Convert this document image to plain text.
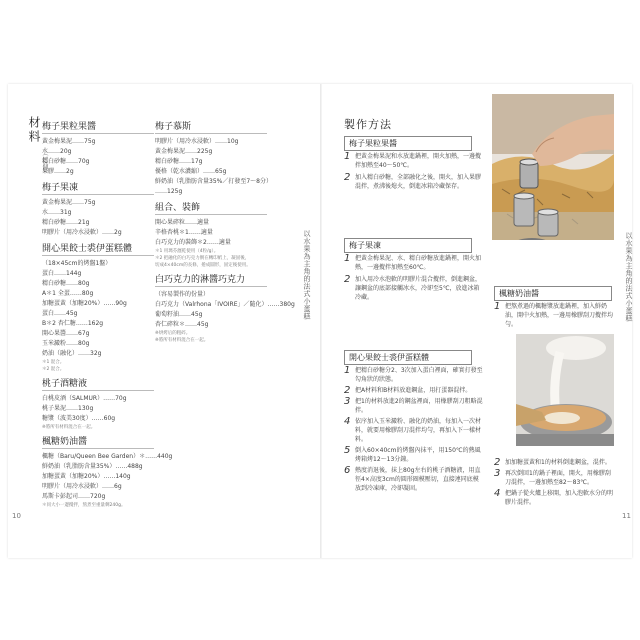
材料
（12個）
以水果為主角的法式小蛋糕
10
梅子果粒果醬
黃金梅果泥……75g
水……20g
精白砂糖……70g
果膠……2g
梅子果凍
黃金梅果泥……75g
水……31g
精白砂糖……21g
明膠片（用冷水浸軟）……2g
開心果餃士裘伊蛋糕體
（18×45cm的烤盤1盤）
蛋白……144g
精白砂糖……80g
A＊1 全蛋……80g
加糖蛋黃（加糖20%）……90g
蛋白……45g
B＊2 杏仁糖……162g
開心果醬……67g
玉米澱粉……80g
奶油（融化）……32g
＊1 混合。
＊2 混合。
桃子酒糖液
白桃皮酒（SALMUR）……70g
桃子果泥……130g
糖漿（波美30度）……60g
※將所有材料混合在一起。
楓糖奶油醬
楓糖（Baru/Queen Bee Garden）＊……440g
鮮奶油（乳脂肪含量35%）……488g
加糖蛋黃（加糖20%）……140g
明膠片（用冷水浸軟）……6g
馬斯卡彭起司……720g
＊同大小一邊攪拌，熬煮至重量剩240g。
梅子慕斯
明膠片（用冷水浸軟）……10g
黃金梅果泥……225g
精白砂糖……17g
優格（乾水濃縮）……65g
鮮奶油（乳脂肪含量35%／打發至7～8分）
……125g
組合、裝飾
開心果碎粒……適量
辛格杏桃＊1……適量
白巧克力的裝飾＊2……適量
＊1 用瑪芬瀝乾使用（4粒/g）。
＊2 把融化的白巧克力倒在轉印紙上，凝固後，
切成4×40cm的長條，捲成圓形，固定後使用。
白巧克力的淋醬巧克力
（容易製作的份量）
白巧克力（Valrhona「IVOIRE」／隨化）……380g
葡萄籽油……45g
杏仁碎粒＊……45g
※烘烤后的粗碎。
※將所有材料混合在一起。
製作方法
以水果為主角的法式小蛋糕
11
梅子果粒果醬
梅子果凍
開心果餃士裘伊蛋糕體
楓糖奶油醬
1 把黃金梅果泥和水放進鍋裡，開火加熱，一邊攪拌加熱至40～50℃。
2 加入精白砂糖，全部融化之後，開火，加入果膠混拌，煮沸後熄火，倒進冰箱冷藏保存。
1 把黃金梅果泥、水、精白砂糖放進鍋裡，開火加熱，一邊攪拌加熱至60℃。
2 加入用冷水泡軟的明膠片混合攪拌，倒進鋼盆，讓鋼盆的底部接觸冰水，冷卻至5℃，放進冰箱冷藏。
1 把精白砂糖分2、3次加入蛋白裡面，確實打發至勾角狀的狀態。
2 把A材料和B材料放進鋼盆，用打蛋器混拌。
3 把1的材料放進2的鋼盆裡面，用橡膠刮刀粗略混拌。
4 依序加入玉米澱粉、融化的奶油，每加入一次材料，就要用橡膠刮刀混拌均勻，再加入下一樣材料。
5 倒入60×40cm的烤盤內抹平，用150℃的熱風烤箱烤12～13分鐘。
6 熱度消退後，抹上80g左右的桃子酒糖液，用直徑4×高度3cm的圓形圈模壓切，直接連同底模放到冷凍庫，冷卻凝固。
1 把熬煮過的楓糖漿放進鍋裡，加入鮮奶油，開中火加熱，一邊用橡膠刮刀攪拌均勻。
2 加加糖蛋黃和1的材料倒進鋼盆，混拌。
3 再次倒回1的鍋子裡面，開火，用橡膠刮刀混拌，一邊加熱至82～83℃。
4 把鍋子從火爐上移開，加入泡軟水分的明膠片混拌。
